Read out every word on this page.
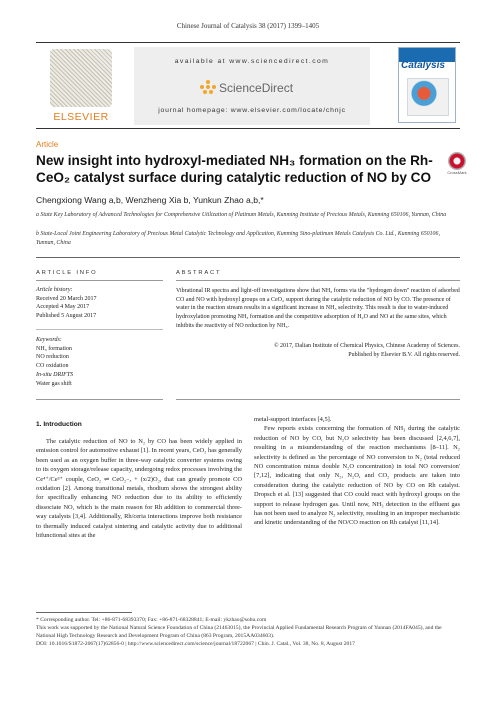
Chinese Journal of Catalysis 38 (2017) 1399–1405
ELSEVIER
available at www.sciencedirect.com
ScienceDirect
journal homepage: www.elsevier.com/locate/chnjc
Catalysis
Article
New insight into hydroxyl-mediated NH₃ formation on the Rh-CeO₂ catalyst surface during catalytic reduction of NO by CO	CrossMark
Chengxiong Wang a,b, Wenzheng Xia b, Yunkun Zhao a,b,*
a State Key Laboratory of Advanced Technologies for Comprehensive Utilization of Platinum Metals, Kunming Institute of Precious Metals, Kunming 650106, Yunnan, China
b State-Local Joint Engineering Laboratory of Precious Metal Catalytic Technology and Application, Kunming Sino-platinum Metals Catalysts Co. Ltd., Kunming 650106, Yunnan, China
ARTICLE INFO	ABSTRACT
Article history:
Received 20 March 2017
Accepted 4 May 2017
Published 5 August 2017
Keywords:
NH₃ formation
NO reduction
CO oxidation
In-situ DRIFTS
Water gas shift
Vibrational IR spectra and light-off investigations show that NH₃ forms via the "hydrogen down" reaction of adsorbed CO and NO with hydroxyl groups on a CeO₂ support during the catalytic reduction of NO by CO. The presence of water in the reaction stream results in a significant increase in NH₃ selectivity. This result is due to water-induced hydroxylation promoting NH₃ formation and the competitive adsorption of H₂O and NO at the same sites, which inhibits the reactivity of NO reduction by NH₃.
© 2017, Dalian Institute of Chemical Physics, Chinese Academy of Sciences.
Published by Elsevier B.V. All rights reserved.
1. Introduction

The catalytic reduction of NO to N₂ by CO has been widely applied in emission control for automotive exhaust [1]. In recent years, CeO₂ has generally been used as an oxygen buffer in three-way catalytic converter systems owing to its oxygen storage/release capacity, undergoing redox processes involving the Ce⁴⁺/Ce³⁺ couple, CeO₂ ⇌ CeO₂₋ₓ + (x/2)O₂, that can greatly promote CO oxidation [2]. Among transitional metals, rhodium shows the strongest ability for specifically enhancing NO reduction due to its ability to efficiently dissociate NO, which is the main reason for Rh addition to commercial three-way catalysts [3,4]. Additionally, Rh/ceria interactions improve both resistance to thermally induced catalyst sintering and catalytic activity due to additional bifunctional sites at the

metal-support interfaces [4,5].

Few reports exists concerning the formation of NH₃ during the catalytic reduction of NO by CO, but N₂O selectivity has been discussed [2,4,6,7], resulting in a misunderstanding of the reaction mechanisms [8–11]. N₂ selectivity is defined as 'the percentage of NO conversion to N₂ (total reduced NO concentration minus double N₂O concentration) in total NO conversion' [7,12], indicating that only N₂, N₂O, and CO₂ products are taken into consideration during the catalytic reduction of NO by CO on Rh catalyst. Dropsch et al. [13] suggested that CO could react with hydroxyl groups on the support to release hydrogen gas. Until now, NH₃ detection in the effluent gas has not been used to analyze N₂ selectivity, resulting in an improper mechanistic and kinetic understanding of the NO/CO reaction on Rh catalyst [11,14].

* Corresponding author. Tel: +86-871-68393370; Fax: +86-871-68328841; E-mail: ykzhao@sohu.com
This work was supported by the National Natural Science Foundation of China (21463015), the Provincial Applied Fundamental Research Program of Yunnan (2014FA045), and the National High Technology Research and Development Program of China (863 Program, 2015AA034603).
DOI: 10.1016/S1872-2067(17)62856-0 | http://www.sciencedirect.com/science/journal/18722067 | Chin. J. Catal., Vol. 38, No. 8, August 2017
